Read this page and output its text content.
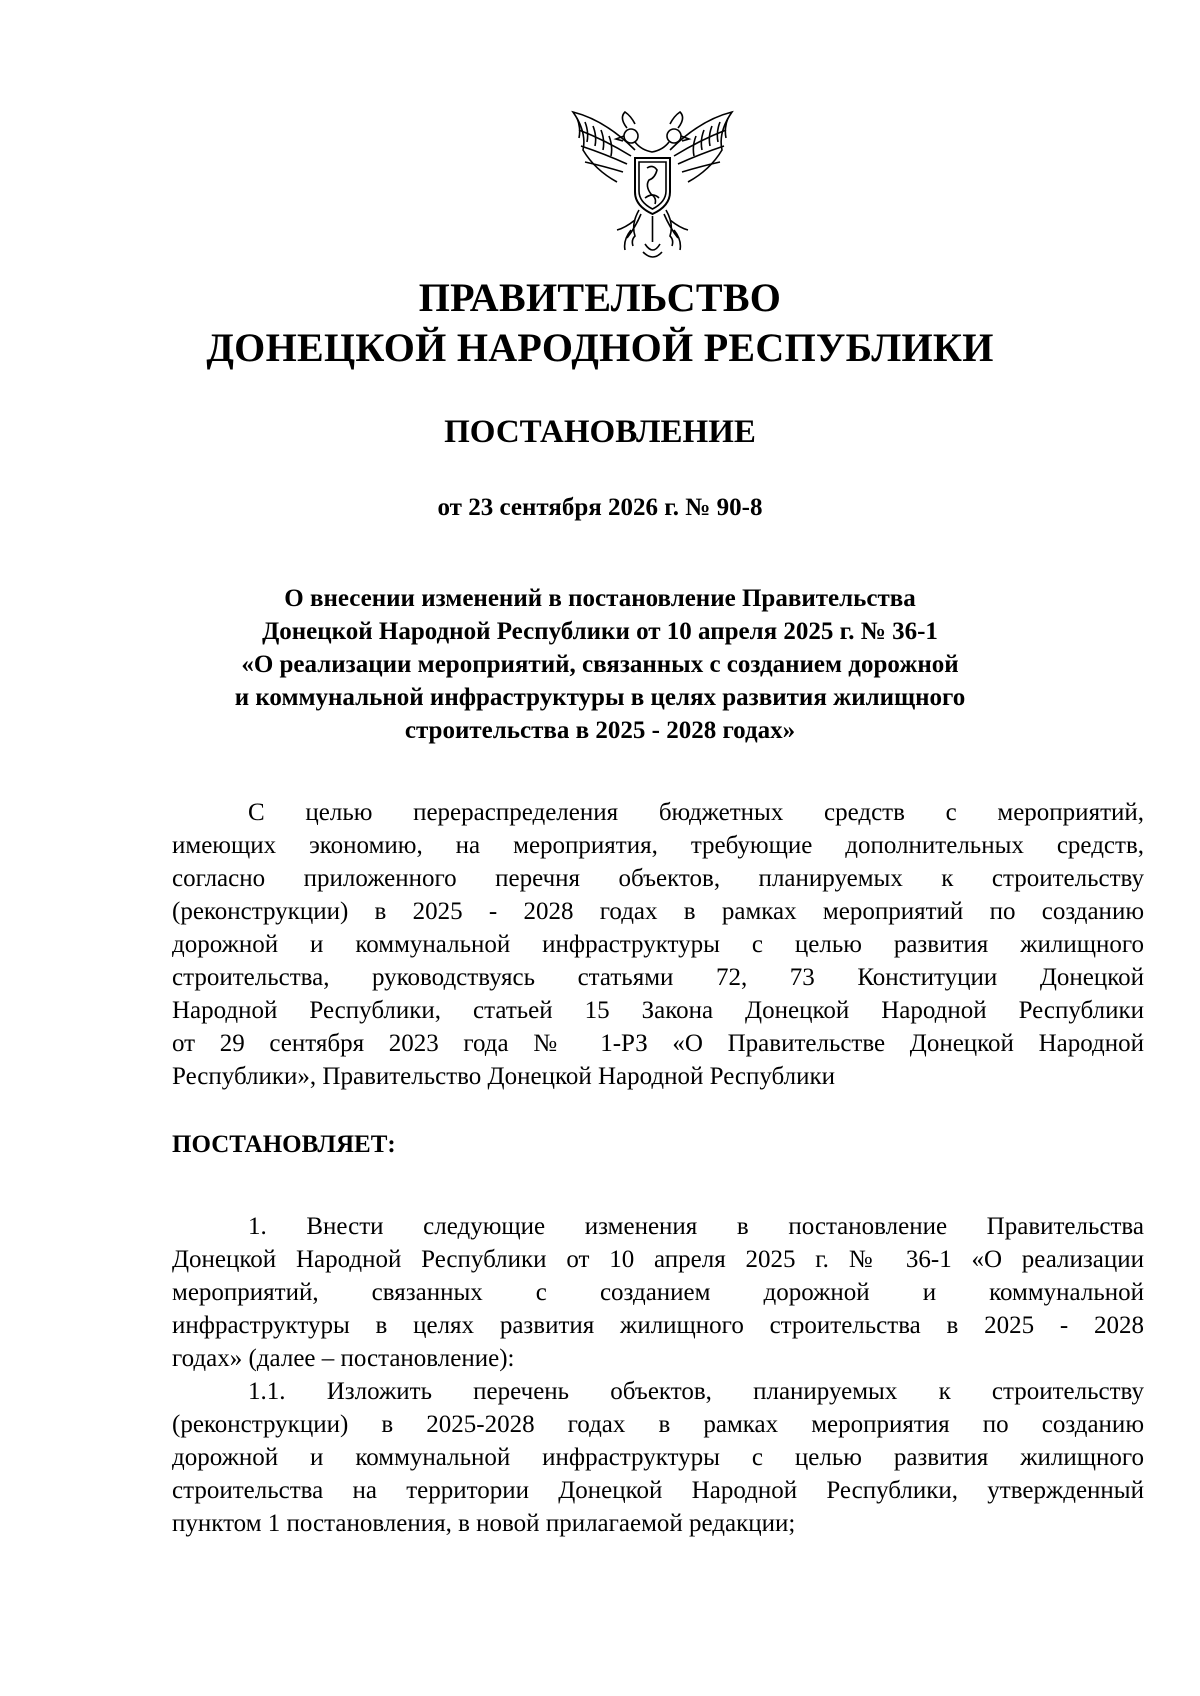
ПРАВИТЕЛЬСТВО
ДОНЕЦКОЙ НАРОДНОЙ РЕСПУБЛИКИ
ПОСТАНОВЛЕНИЕ
от 23 сентября 2026 г. № 90-8
О внесении изменений в постановление Правительства
Донецкой Народной Республики от 10 апреля 2025 г. № 36-1
«О реализации мероприятий, связанных с созданием дорожной
и коммунальной инфраструктуры в целях развития жилищного
строительства в 2025 - 2028 годах»
С целью перераспределения бюджетных средств с мероприятий,
имеющих экономию, на мероприятия, требующие дополнительных средств,
согласно приложенного перечня объектов, планируемых к строительству
(реконструкции) в 2025 - 2028 годах в рамках мероприятий по созданию
дорожной и коммунальной инфраструктуры с целью развития жилищного
строительства, руководствуясь статьями 72, 73 Конституции Донецкой
Народной Республики, статьей 15 Закона Донецкой Народной Республики
от 29 сентября 2023 года № 1-РЗ «О Правительстве Донецкой Народной
Республики», Правительство Донецкой Народной Республики
ПОСТАНОВЛЯЕТ:
1. Внести следующие изменения в постановление Правительства
Донецкой Народной Республики от 10 апреля 2025 г. № 36-1 «О реализации
мероприятий, связанных с созданием дорожной и коммунальной
инфраструктуры в целях развития жилищного строительства в 2025 - 2028
годах» (далее – постановление):
1.1. Изложить перечень объектов, планируемых к строительству
(реконструкции) в 2025-2028 годах в рамках мероприятия по созданию
дорожной и коммунальной инфраструктуры с целью развития жилищного
строительства на территории Донецкой Народной Республики, утвержденный
пунктом 1 постановления, в новой прилагаемой редакции;
